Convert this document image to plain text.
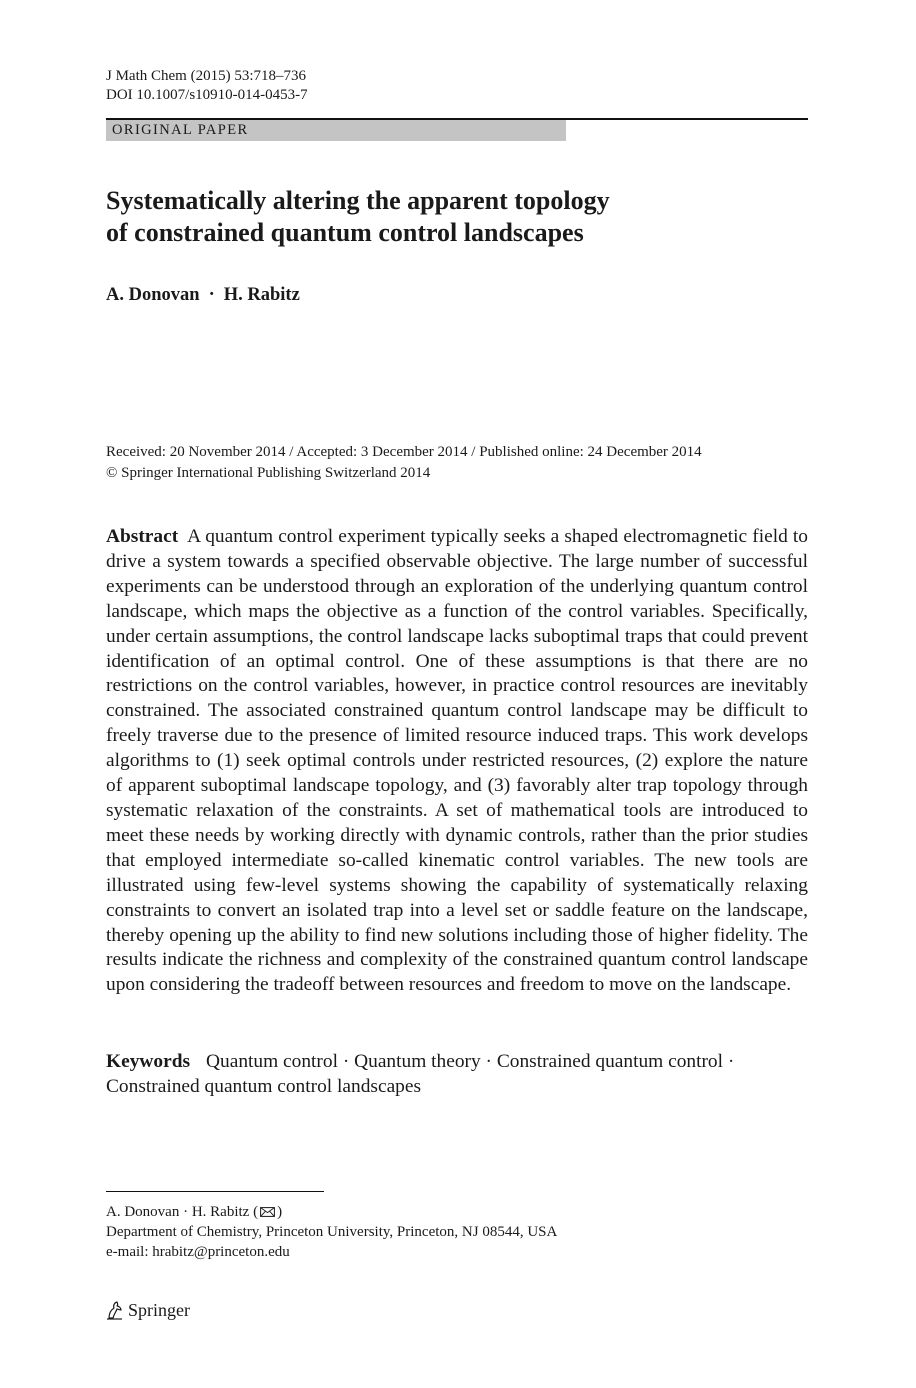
J Math Chem (2015) 53:718–736
DOI 10.1007/s10910-014-0453-7
ORIGINAL PAPER
Systematically altering the apparent topology
of constrained quantum control landscapes
A. Donovan · H. Rabitz
Received: 20 November 2014 / Accepted: 3 December 2014 / Published online: 24 December 2014
© Springer International Publishing Switzerland 2014

Abstract A quantum control experiment typically seeks a shaped electromagnetic field to drive a system towards a specified observable objective. The large number of successful experiments can be understood through an exploration of the underlying quantum control landscape, which maps the objective as a function of the control variables. Specifically, under certain assumptions, the control landscape lacks suboptimal traps that could prevent identification of an optimal control. One of these assumptions is that there are no restrictions on the control variables, however, in practice control resources are inevitably constrained. The associated constrained quantum control landscape may be difficult to freely traverse due to the presence of limited resource induced traps. This work develops algorithms to (1) seek optimal controls under restricted resources, (2) explore the nature of apparent suboptimal landscape topology, and (3) favorably alter trap topology through systematic relaxation of the constraints. A set of mathematical tools are introduced to meet these needs by working directly with dynamic controls, rather than the prior studies that employed intermediate so-called kinematic control variables. The new tools are illustrated using few-level systems showing the capability of systematically relaxing constraints to convert an isolated trap into a level set or saddle feature on the landscape, thereby opening up the ability to find new solutions including those of higher fidelity. The results indicate the richness and complexity of the constrained quantum control landscape upon considering the tradeoff between resources and freedom to move on the landscape.

Keywords Quantum control · Quantum theory · Constrained quantum control · Constrained quantum control landscapes
A. Donovan · H. Rabitz ( )
Department of Chemistry, Princeton University, Princeton, NJ 08544, USA
e-mail: hrabitz@princeton.edu
Springer
